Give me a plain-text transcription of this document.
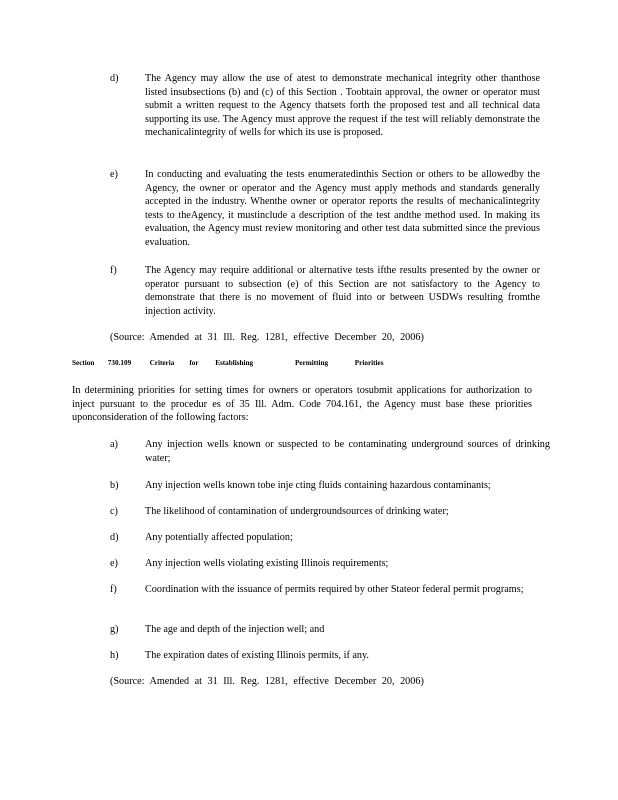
d)	The Agency may allow the use of atest to demonstrate mechanical integrity other thanthose listed insubsections (b) and (c) of this Section . Toobtain approval, the owner or operator must submit a written request to the Agency thatsets forth the proposed test and all technical data supporting its use. The Agency must approve the request if the test will reliably demonstrate the mechanicalintegrity of wells for which its use is proposed.
e)	In conducting and evaluating the tests enumeratedinthis Section or others to be allowedby the Agency, the owner or operator and the Agency must apply methods and standards generally accepted in the industry. Whenthe owner or operator reports the results of mechanicalintegrity tests to theAgency, it mustinclude a description of the test andthe method used. In making its evaluation, the Agency must review monitoring and other test data submitted since the previous evaluation.
f)	The Agency may require additional or alternative tests ifthe results presented by the owner or operator pursuant to subsection (e) of this Section are not satisfactory to the Agency to demonstrate that there is no movement of fluid into or between USDWs resulting fromthe injection activity.
(Source: Amended at 31 Ill. Reg. 1281, effective December 20, 2006)
Section 730.109	Criteria for Establishing	Permitting	Priorities
In determining priorities for setting times for owners or operators tosubmit applications for authorization to inject pursuant to the procedur es of 35 Ill. Adm. Code 704.161, the Agency must base these priorities uponconsideration of the following factors:
a)	Any injection wells known or suspected to be contaminating underground sources of drinking water;
b)	Any injection wells known tobe inje cting fluids containing hazardous contaminants;
c)	The likelihood of contamination of undergroundsources of drinking water;
d)	Any potentially affected population;
e)	Any injection wells violating existing Illinois requirements;
f)	Coordination with the issuance of permits required by other Stateor federal permit programs;
g)	The age and depth of the injection well; and
h)	The expiration dates of existing Illinois permits, if any.
(Source: Amended at 31 Ill. Reg. 1281, effective December 20, 2006)
